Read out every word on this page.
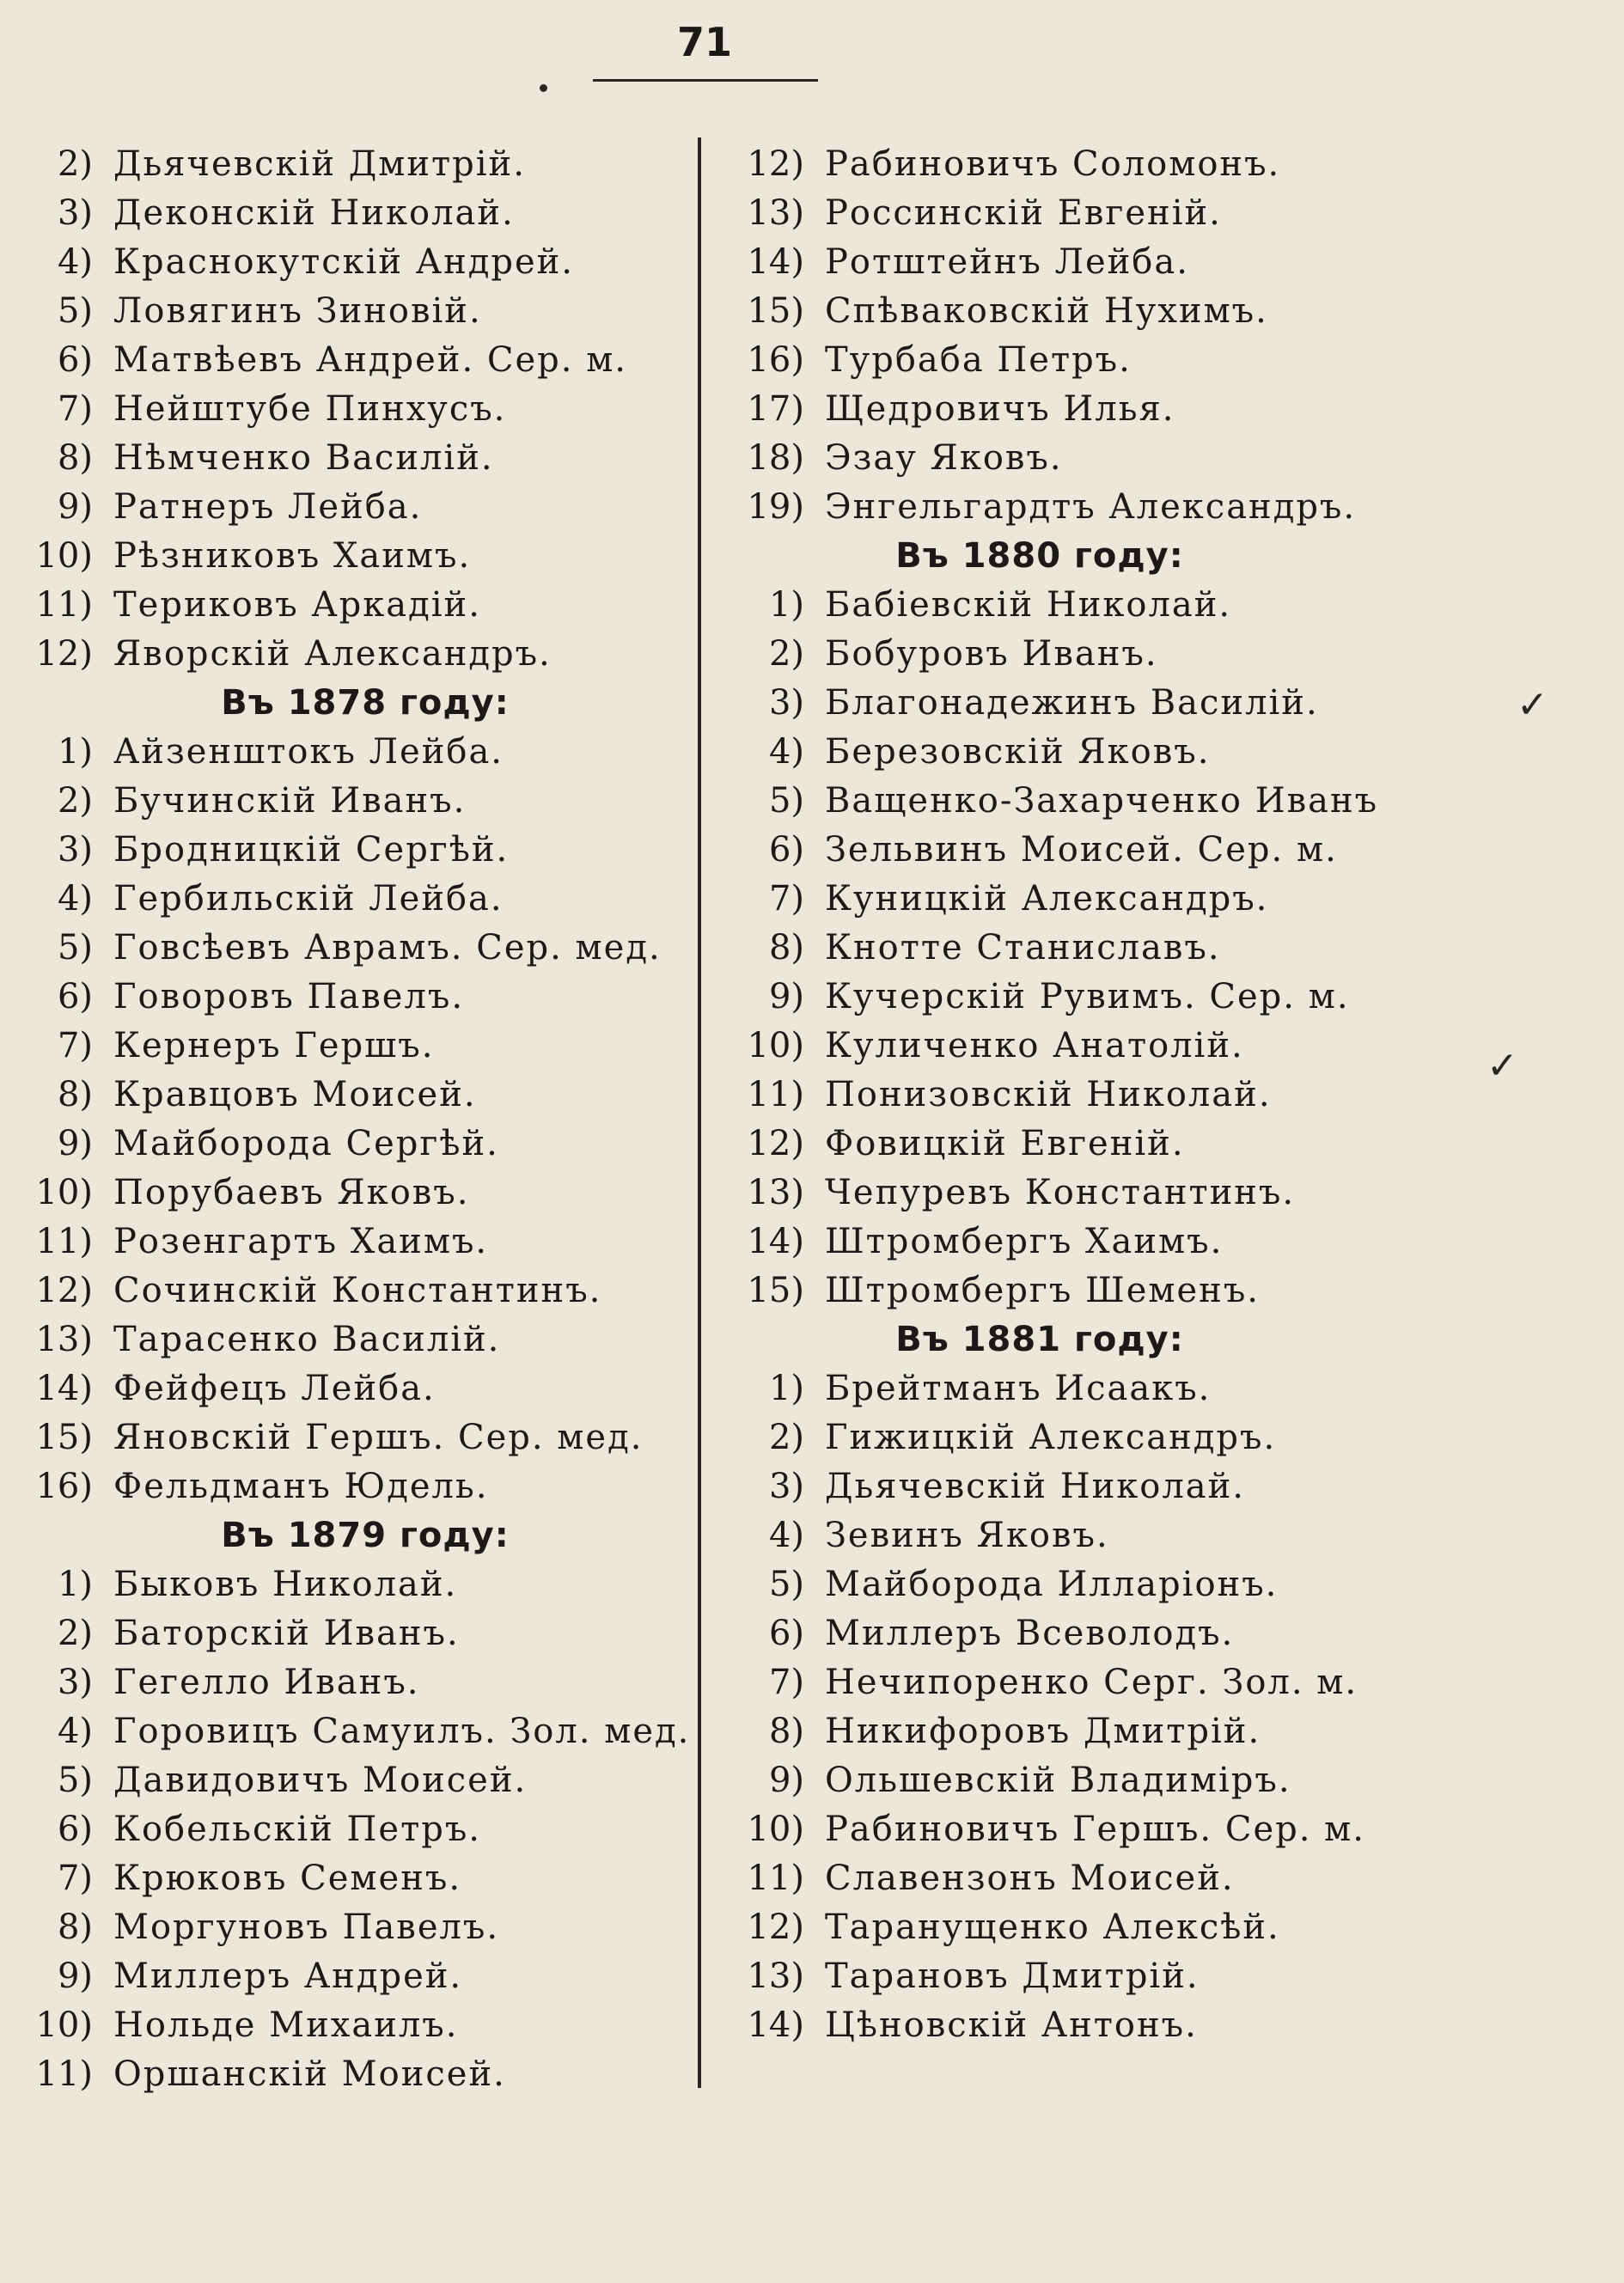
71
2) Дьячевскій Дмитрій.
3) Деконскій Николай.
4) Краснокутскій Андрей.
5) Ловягинъ Зиновій.
6) Матвѣевъ Андрей. Сер. м.
7) Нейштубе Пинхусъ.
8) Нѣмченко Василій.
9) Ратнеръ Лейба.
10) Рѣзниковъ Хаимъ.
11) Териковъ Аркадій.
12) Яворскій Александръ.
Въ 1878 году:
1) Айзенштокъ Лейба.
2) Бучинскій Иванъ.
3) Бродницкій Сергѣй.
4) Гербильскій Лейба.
5) Говсѣевъ Аврамъ. Сер. мед.
6) Говоровъ Павелъ.
7) Кернеръ Гершъ.
8) Кравцовъ Моисей.
9) Майборода Сергѣй.
10) Порубаевъ Яковъ.
11) Розенгартъ Хаимъ.
12) Сочинскій Константинъ.
13) Тарасенко Василій.
14) Фейфецъ Лейба.
15) Яновскій Гершъ. Сер. мед.
16) Фельдманъ Юдель.
Въ 1879 году:
1) Быковъ Николай.
2) Баторскій Иванъ.
3) Гегелло Иванъ.
4) Горовицъ Самуилъ. Зол. мед.
5) Давидовичъ Моисей.
6) Кобельскій Петръ.
7) Крюковъ Семенъ.
8) Моргуновъ Павелъ.
9) Миллеръ Андрей.
10) Нольде Михаилъ.
11) Оршанскій Моисей.
12) Рабиновичъ Соломонъ.
13) Россинскій Евгеній.
14) Ротштейнъ Лейба.
15) Спѣваковскій Нухимъ.
16) Турбаба Петръ.
17) Щедровичъ Илья.
18) Эзау Яковъ.
19) Энгельгардтъ Александръ.
Въ 1880 году:
1) Бабіевскій Николай.
2) Бобуровъ Иванъ.
3) Благонадежинъ Василій.
4) Березовскій Яковъ.
5) Ващенко-Захарченко Иванъ
6) Зельвинъ Моисей. Сер. м.
7) Куницкій Александръ.
8) Кнотте Станиславъ.
9) Кучерскій Рувимъ. Сер. м.
10) Куличенко Анатолій.
11) Понизовскій Николай.
12) Фовицкій Евгеній.
13) Чепуревъ Константинъ.
14) Штромбергъ Хаимъ.
15) Штромбергъ Шеменъ.
Въ 1881 году:
1) Брейтманъ Исаакъ.
2) Гижицкій Александръ.
3) Дьячевскій Николай.
4) Зевинъ Яковъ.
5) Майборода Илларіонъ.
6) Миллеръ Всеволодъ.
7) Нечипоренко Серг. Зол. м.
8) Никифоровъ Дмитрій.
9) Ольшевскій Владиміръ.
10) Рабиновичъ Гершъ. Сер. м.
11) Славензонъ Моисей.
12) Таранущенко Алексѣй.
13) Тарановъ Дмитрій.
14) Цѣновскій Антонъ.
✓
✓
